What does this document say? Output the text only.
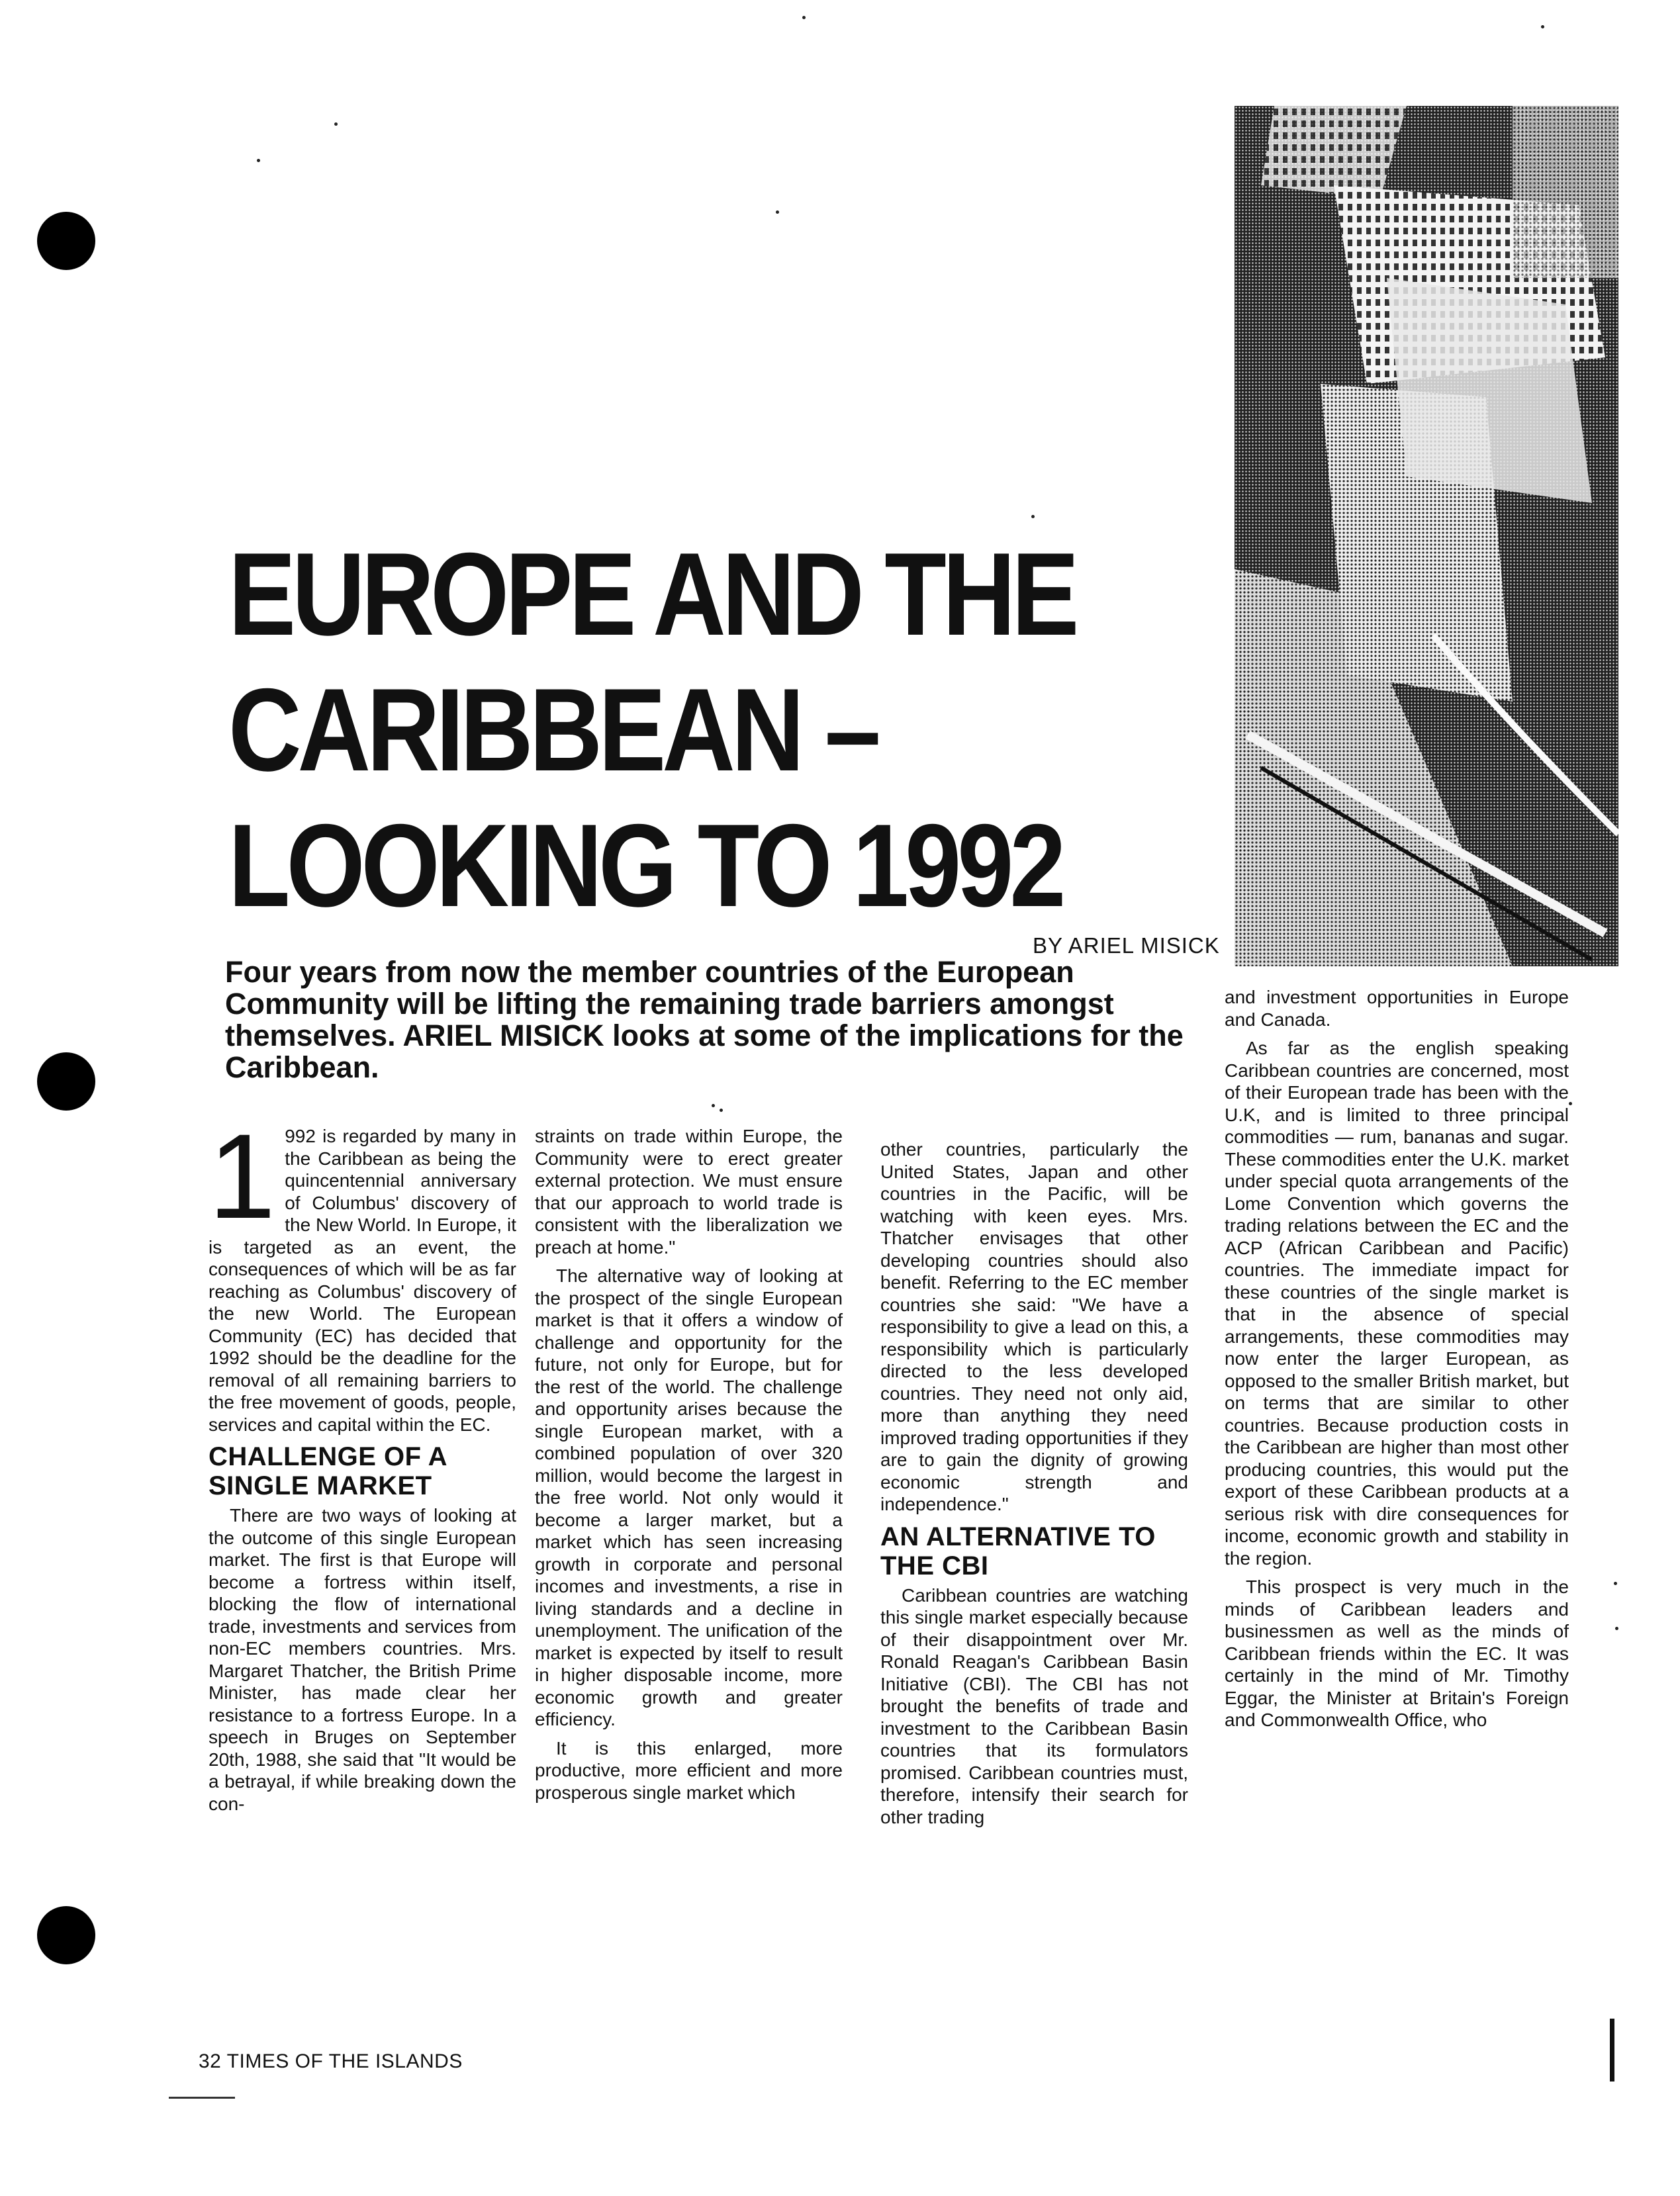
EUROPE AND THE
CARIBBEAN –
LOOKING TO 1992
BY ARIEL MISICK

Four years from now the member countries of the European Community will be lifting the remaining trade barriers amongst themselves. ARIEL MISICK looks at some of the implications for the Caribbean.

1 992 is regarded by many in the Caribbean as being the quincentennial anniversary of Columbus' discovery of the New World. In Europe, it is targeted as an event, the consequences of which will be as far reaching as Columbus' discovery of the new World. The European Community (EC) has decided that 1992 should be the deadline for the removal of all remaining barriers to the free movement of goods, people, services and capital within the EC.

CHALLENGE OF A SINGLE MARKET

There are two ways of looking at the outcome of this single European market. The first is that Europe will become a fortress within itself, blocking the flow of international trade, investments and services from non-EC members countries. Mrs. Margaret Thatcher, the British Prime Minister, has made clear her resistance to a fortress Europe. In a speech in Bruges on September 20th, 1988, she said that "It would be a betrayal, if while breaking down the con-

straints on trade within Europe, the Community were to erect greater external protection. We must ensure that our approach to world trade is consistent with the liberalization we preach at home."

The alternative way of looking at the prospect of the single European market is that it offers a window of challenge and opportunity for the future, not only for Europe, but for the rest of the world. The challenge and opportunity arises because the single European market, with a combined population of over 320 million, would become the largest in the free world. Not only would it become a larger market, but a market which has seen increasing growth in corporate and personal incomes and investments, a rise in living standards and a decline in unemployment. The unification of the market is expected by itself to result in higher disposable income, more economic growth and greater efficiency.

It is this enlarged, more productive, more efficient and more prosperous single market which

other countries, particularly the United States, Japan and other countries in the Pacific, will be watching with keen eyes. Mrs. Thatcher envisages that other developing countries should also benefit. Referring to the EC member countries she said: "We have a responsibility to give a lead on this, a responsibility which is particularly directed to the less developed countries. They need not only aid, more than anything they need improved trading opportunities if they are to gain the dignity of growing economic strength and independence."

AN ALTERNATIVE TO THE CBI

Caribbean countries are watching this single market especially because of their disappointment over Mr. Ronald Reagan's Caribbean Basin Initiative (CBI). The CBI has not brought the benefits of trade and investment to the Caribbean Basin countries that its formulators promised. Caribbean countries must, therefore, intensify their search for other trading

and investment opportunities in Europe and Canada.

As far as the english speaking Caribbean countries are concerned, most of their European trade has been with the U.K, and is limited to three principal commodities — rum, bananas and sugar. These commodities enter the U.K. market under special quota arrangements of the Lome Convention which governs the trading relations between the EC and the ACP (African Caribbean and Pacific) countries. The immediate impact for these countries of the single market is that in the absence of special arrangements, these commodities may now enter the larger European, as opposed to the smaller British market, but on terms that are similar to other countries. Because production costs in the Caribbean are higher than most other producing countries, this would put the export of these Caribbean products at a serious risk with dire consequences for income, economic growth and stability in the region.

This prospect is very much in the minds of Caribbean leaders and businessmen as well as the minds of Caribbean friends within the EC. It was certainly in the mind of Mr. Timothy Eggar, the Minister at Britain's Foreign and Commonwealth Office, who

32 TIMES OF THE ISLANDS
